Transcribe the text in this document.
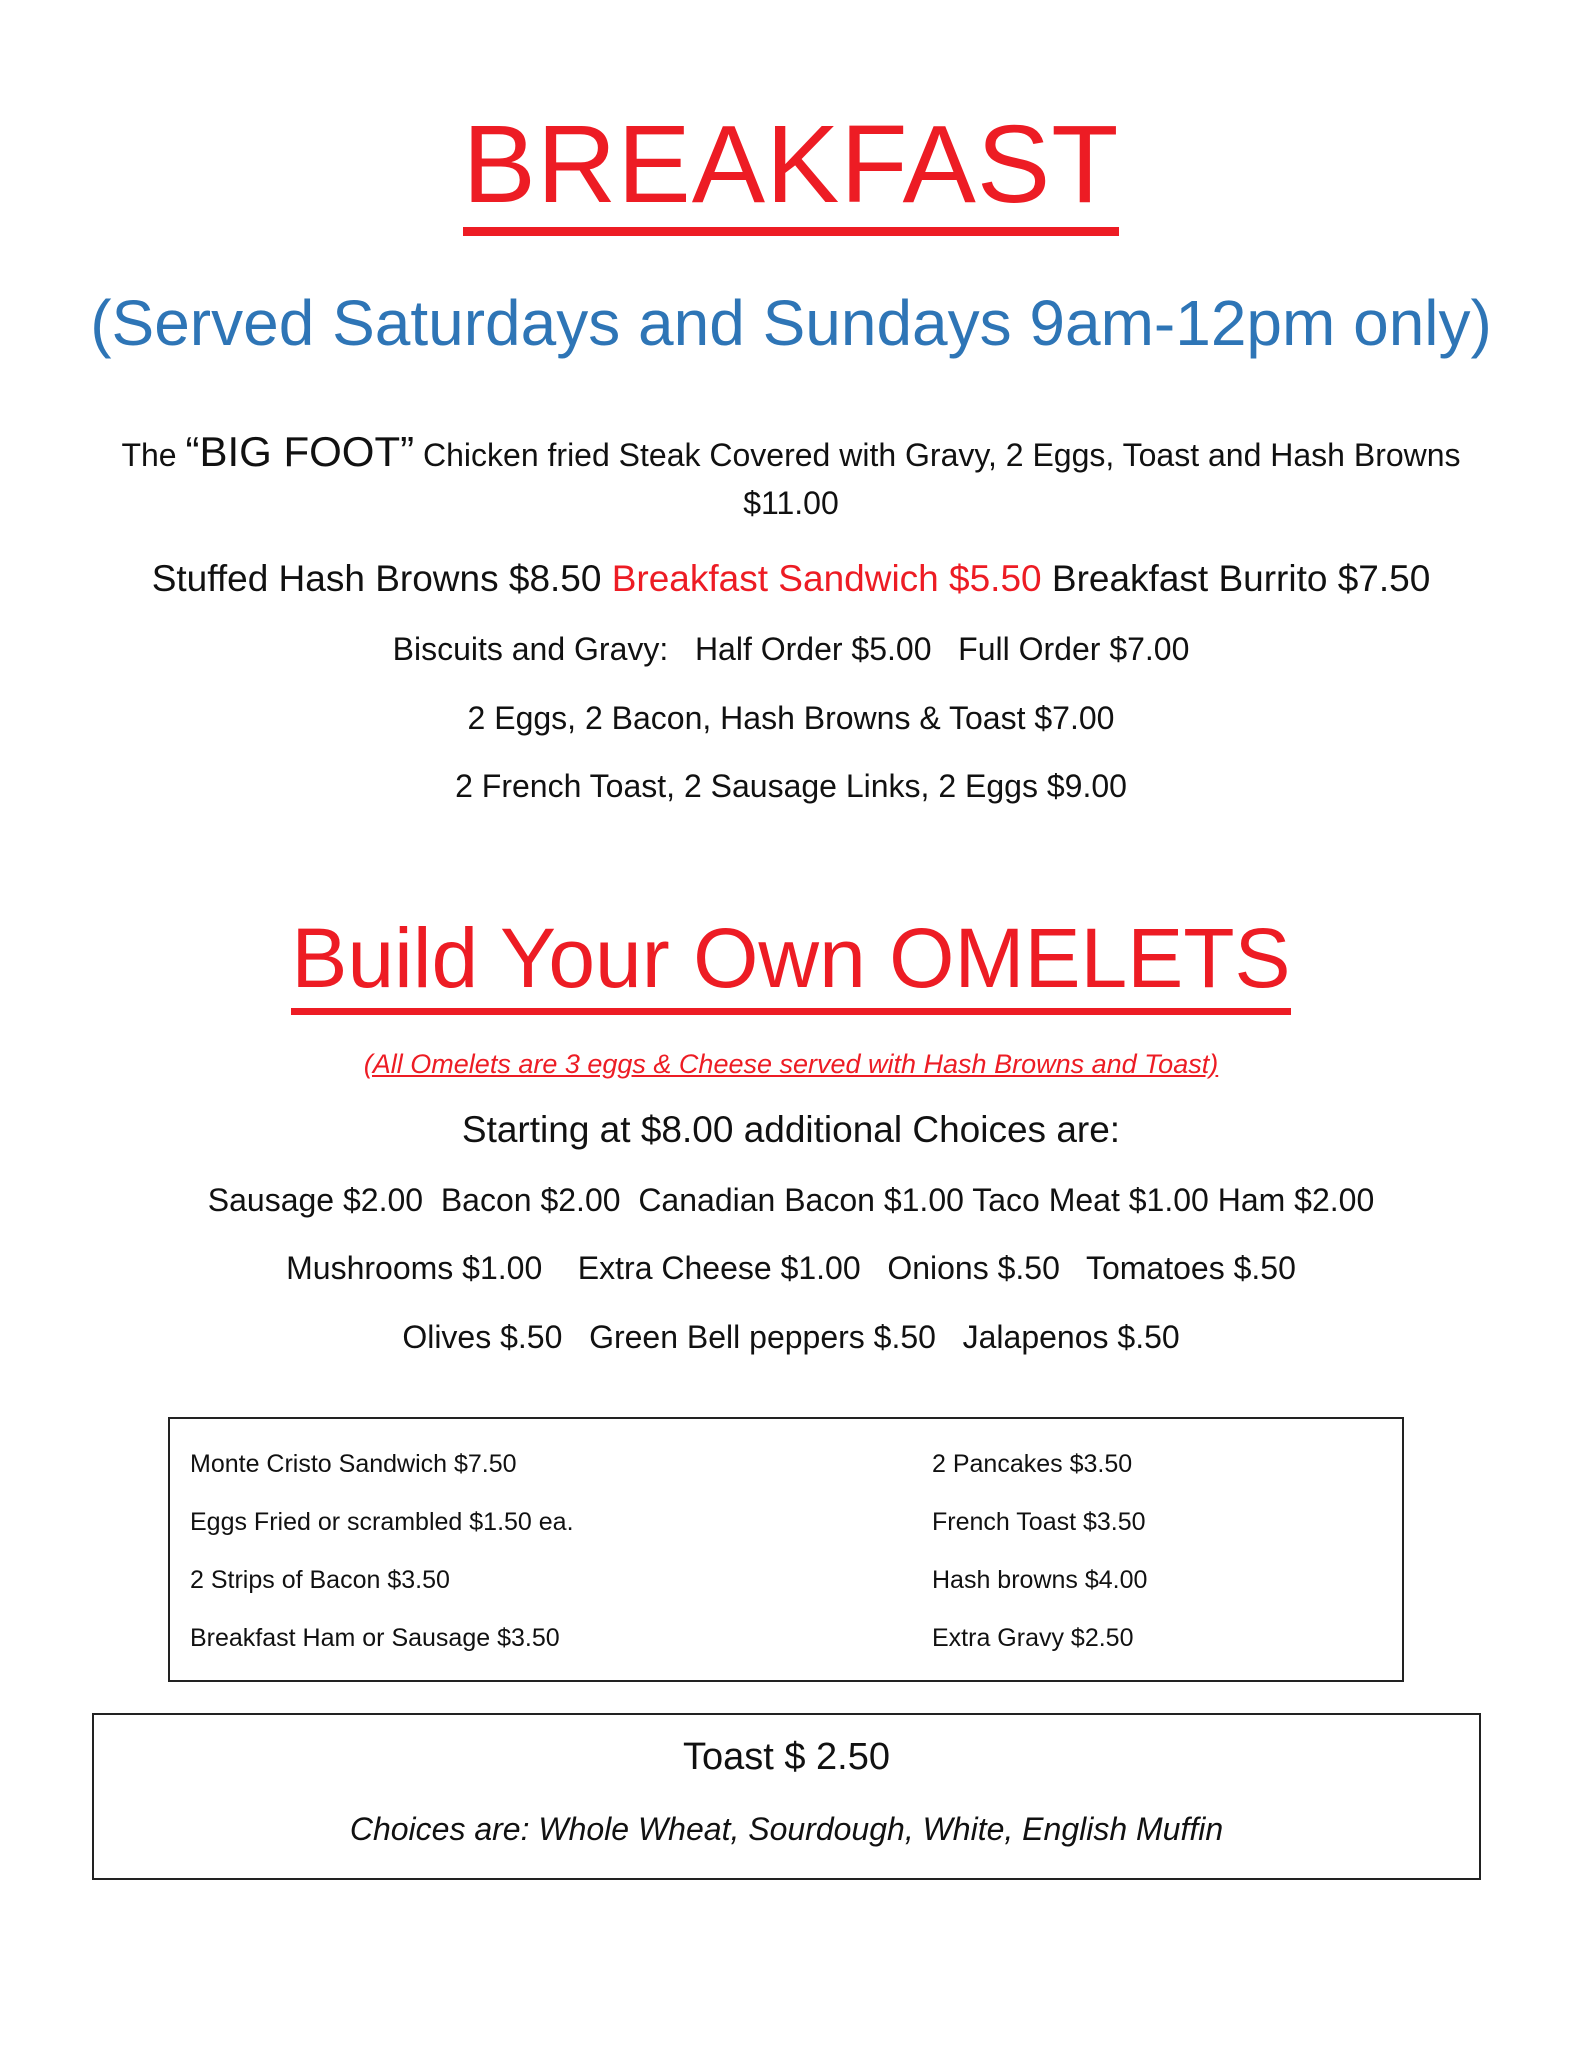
BREAKFAST
(Served Saturdays and Sundays 9am-12pm only)
The “BIG FOOT” Chicken fried Steak Covered with Gravy, 2 Eggs, Toast and Hash Browns
$11.00
Stuffed Hash Browns $8.50 Breakfast Sandwich $5.50 Breakfast Burrito $7.50
Biscuits and Gravy:   Half Order $5.00   Full Order $7.00
2 Eggs, 2 Bacon, Hash Browns & Toast $7.00
2 French Toast, 2 Sausage Links, 2 Eggs $9.00
Build Your Own OMELETS
(All Omelets are 3 eggs & Cheese served with Hash Browns and Toast)
Starting at $8.00 additional Choices are:
Sausage $2.00  Bacon $2.00  Canadian Bacon $1.00 Taco Meat $1.00 Ham $2.00
Mushrooms $1.00    Extra Cheese $1.00   Onions $.50   Tomatoes $.50
Olives $.50   Green Bell peppers $.50   Jalapenos $.50
Monte Cristo Sandwich $7.50
Eggs Fried or scrambled $1.50 ea.
2 Strips of Bacon $3.50
Breakfast Ham or Sausage $3.50
2 Pancakes $3.50
French Toast $3.50
Hash browns $4.00
Extra Gravy $2.50
Toast $ 2.50
Choices are: Whole Wheat, Sourdough, White, English Muffin
